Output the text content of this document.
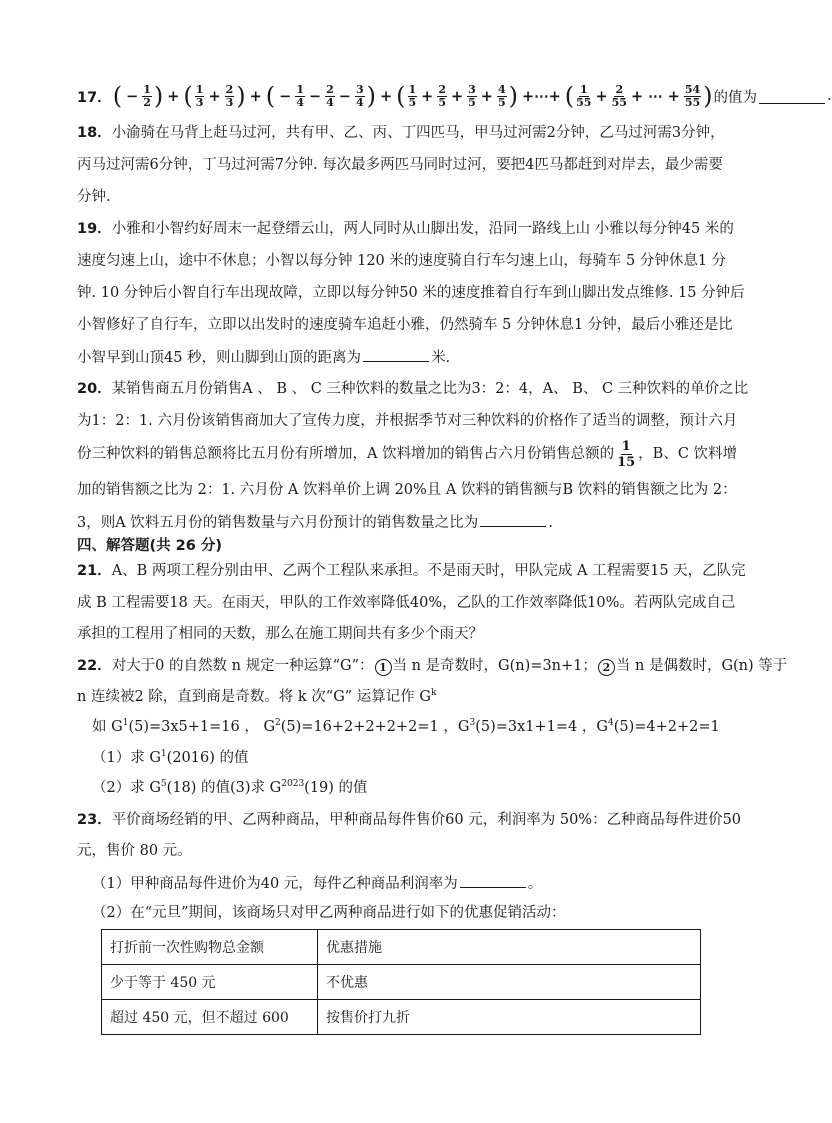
17． ( − $\frac{1}{2}$ ) + ( $\frac{1}{3} + \frac{2}{3}$ ) + ( − $\frac{1}{4} - \frac{2}{4} - \frac{3}{4}$ ) + ( $\frac{1}{5} + \frac{2}{5} + \frac{3}{5} + \frac{4}{5}$ ) +⋯+ ( $\frac{1}{55} + \frac{2}{55}$ + ⋯ + $\frac{54}{55}$ ) 的值为	.
18．小渝骑在马背上赶马过河，共有甲、乙、丙、丁四匹马，甲马过河需2分钟，乙马过河需3分钟，
丙马过河需6分钟，丁马过河需7分钟. 每次最多两匹马同时过河，要把4匹马都赶到对岸去，最少需要
分钟.
19．小雅和小智约好周末一起登缙云山，两人同时从山脚出发，沿同一路线上山 小雅以每分钟45 米的
速度匀速上山，途中不休息；小智以每分钟 120 米的速度骑自行车匀速上山，每骑车 5 分钟休息1 分
钟. 10 分钟后小智自行车出现故障，立即以每分钟50 米的速度推着自行车到山脚出发点维修. 15 分钟后
小智修好了自行车，立即以出发时的速度骑车追赶小雅，仍然骑车 5 分钟休息1 分钟，最后小雅还是比
小智早到山顶45 秒，则山脚到山顶的距离为	米.
20．某销售商五月份销售A 、 B 、 C 三种饮料的数量之比为3：2：4，A、 B、 C 三种饮料的单价之比
为1：2：1. 六月份该销售商加大了宣传力度，并根据季节对三种饮料的价格作了适当的调整，预计六月
份三种饮料的销售总额将比五月份有所增加，A 饮料增加的销售占六月份销售总额的 $\frac{1}{15}$ ，B、C 饮料增
加的销售额之比为 2：1. 六月份 A 饮料单价上调 20%且 A 饮料的销售额与B 饮料的销售额之比为 2：
3，则A 饮料五月份的销售数量与六月份预计的销售数量之比为	.
四、解答题(共 26 分)
21．A、B 两项工程分别由甲、乙两个工程队来承担。不是雨天时，甲队完成 A 工程需要15 天，乙队完
成 B 工程需要18 天。在雨天，甲队的工作效率降低40%，乙队的工作效率降低10%。若两队完成自己
承担的工程用了相同的天数，那么在施工期间共有多少个雨天？
22．对大于0 的自然数 n 规定一种运算“G”： 1 当 n 是奇数时，G(n)=3n+1； 2 当 n 是偶数时，G(n) 等于
n 连续被2 除，直到商是奇数。将 k 次“G” 运算记作 $G^k$
如 $G^1(5)=3x5+1=16$ ， $G^2(5)=16+2+2+2+2=1$ ，$G^3(5)=3x1+1=4$ ，$G^4(5)=4+2+2=1$
（1）求 $G^1(2016)$ 的值
（2）求 $G^5(18)$ 的值(3)求 $G^{2023}(19)$ 的值
23．平价商场经销的甲、乙两种商品，甲种商品每件售价60 元，利润率为 50%：乙种商品每件进价50
元，售价 80 元。
（1）甲种商品每件进价为40 元，每件乙种商品利润率为	。
（2）在“元旦”期间，该商场只对甲乙两种商品进行如下的优惠促销活动：
打折前一次性购物总金额	优惠措施
少于等于 450 元	不优惠
超过 450 元，但不超过 600	按售价打九折
